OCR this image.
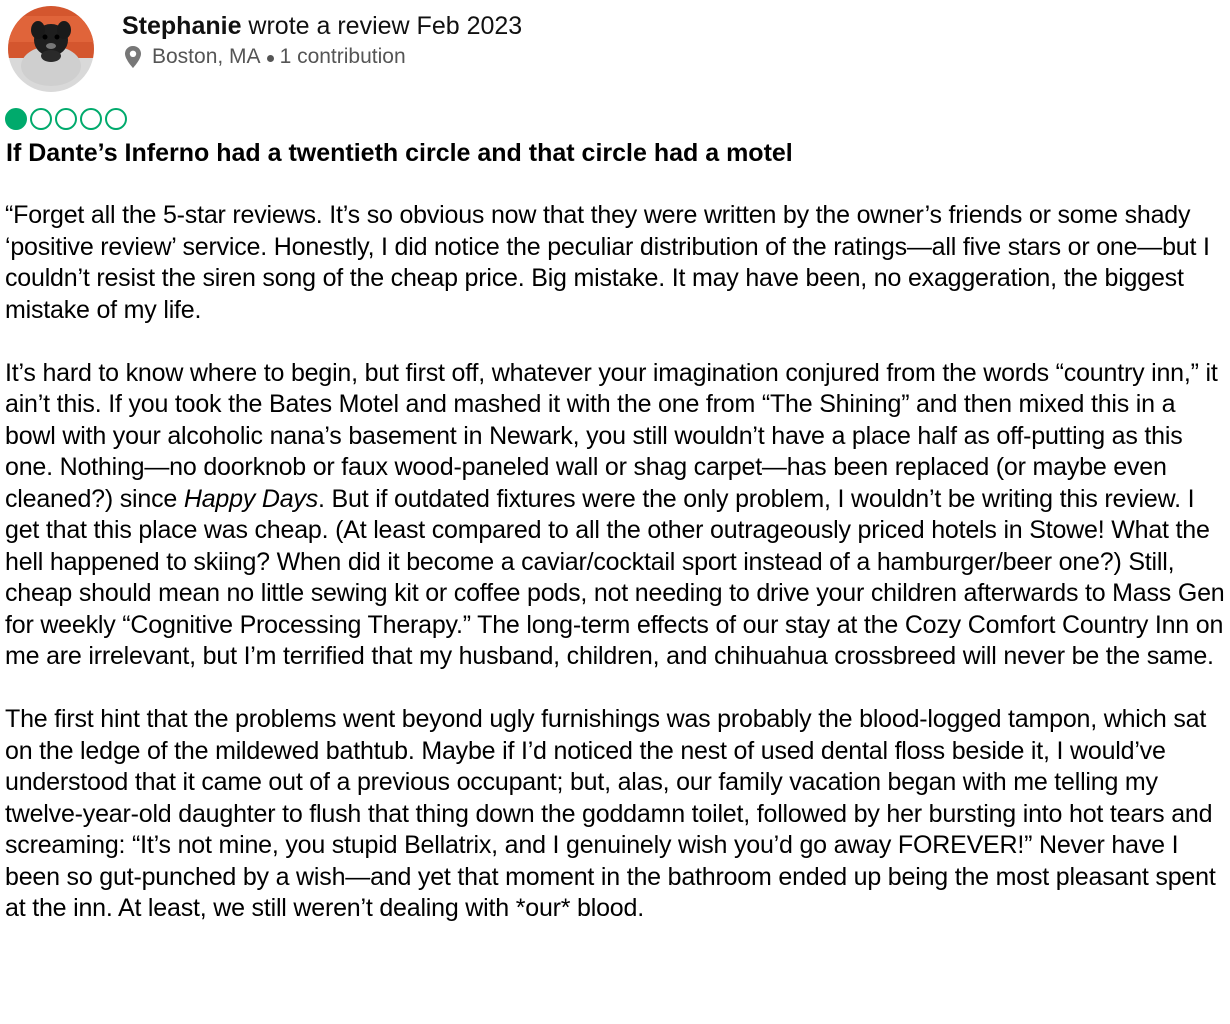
Stephanie wrote a review Feb 2023
Boston, MA 1 contribution
If Dante’s Inferno had a twentieth circle and that circle had a motel

“Forget all the 5-star reviews. It’s so obvious now that they were written by the owner’s friends or some shady ‘positive review’ service. Honestly, I did notice the peculiar distribution of the ratings—all five stars or one—but I couldn’t resist the siren song of the cheap price. Big mistake. It may have been, no exaggeration, the biggest mistake of my life.

It’s hard to know where to begin, but first off, whatever your imagination conjured from the words “country inn,” it ain’t this. If you took the Bates Motel and mashed it with the one from “The Shining” and then mixed this in a bowl with your alcoholic nana’s basement in Newark, you still wouldn’t have a place half as off-putting as this one. Nothing—no doorknob or faux wood-paneled wall or shag carpet—has been replaced (or maybe even cleaned?) since Happy Days. But if outdated fixtures were the only problem, I wouldn’t be writing this review. I get that this place was cheap. (At least compared to all the other outrageously priced hotels in Stowe! What the hell happened to skiing? When did it become a caviar/cocktail sport instead of a hamburger/beer one?) Still, cheap should mean no little sewing kit or coffee pods, not needing to drive your children afterwards to Mass Gen for weekly “Cognitive Processing Therapy.” The long-term effects of our stay at the Cozy Comfort Country Inn on me are irrelevant, but I’m terrified that my husband, children, and chihuahua crossbreed will never be the same.

The first hint that the problems went beyond ugly furnishings was probably the blood-logged tampon, which sat on the ledge of the mildewed bathtub. Maybe if I’d noticed the nest of used dental floss beside it, I would’ve understood that it came out of a previous occupant; but, alas, our family vacation began with me telling my twelve-year-old daughter to flush that thing down the goddamn toilet, followed by her bursting into hot tears and screaming: “It’s not mine, you stupid Bellatrix, and I genuinely wish you’d go away FOREVER!” Never have I been so gut-punched by a wish—and yet that moment in the bathroom ended up being the most pleasant spent at the inn. At least, we still weren’t dealing with *our* blood.
